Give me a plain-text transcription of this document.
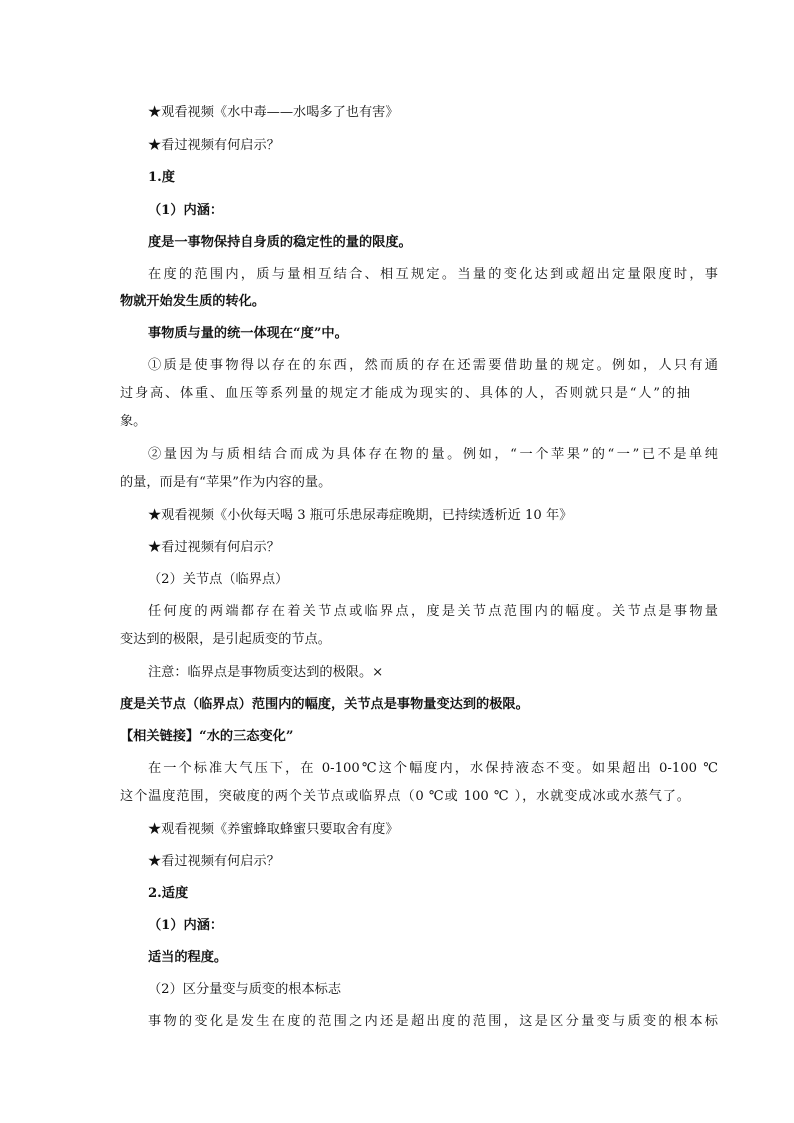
★观看视频《水中毒——水喝多了也有害》
★看过视频有何启示？
1.度
（1）内涵：
度是一事物保持自身质的稳定性的量的限度。
在度的范围内，质与量相互结合、相互规定。当量的变化达到或超出定量限度时，事
物就开始发生质的转化。
事物质与量的统一体现在“度”中。
①质是使事物得以存在的东西，然而质的存在还需要借助量的规定。例如，人只有通
过身高、体重、血压等系列量的规定才能成为现实的、具体的人，否则就只是“人”的抽
象。
②量因为与质相结合而成为具体存在物的量。例如，“一个苹果”的“一”已不是单纯
的量，而是有“苹果”作为内容的量。
★观看视频《小伙每天喝 3 瓶可乐患尿毒症晚期，已持续透析近 10 年》
★看过视频有何启示？
（2）关节点（临界点）
任何度的两端都存在着关节点或临界点，度是关节点范围内的幅度。关节点是事物量
变达到的极限，是引起质变的节点。
注意：临界点是事物质变达到的极限。×
度是关节点（临界点）范围内的幅度，关节点是事物量变达到的极限。
【相关链接】“水的三态变化”
在一个标准大气压下，在 0-100℃这个幅度内，水保持液态不变。如果超出 0-100 ℃
这个温度范围，突破度的两个关节点或临界点（0 ℃或 100 ℃ ），水就变成冰或水蒸气了。
★观看视频《养蜜蜂取蜂蜜只要取舍有度》
★看过视频有何启示？
2.适度
（1）内涵：
适当的程度。
（2）区分量变与质变的根本标志
事物的变化是发生在度的范围之内还是超出度的范围，这是区分量变与质变的根本标
